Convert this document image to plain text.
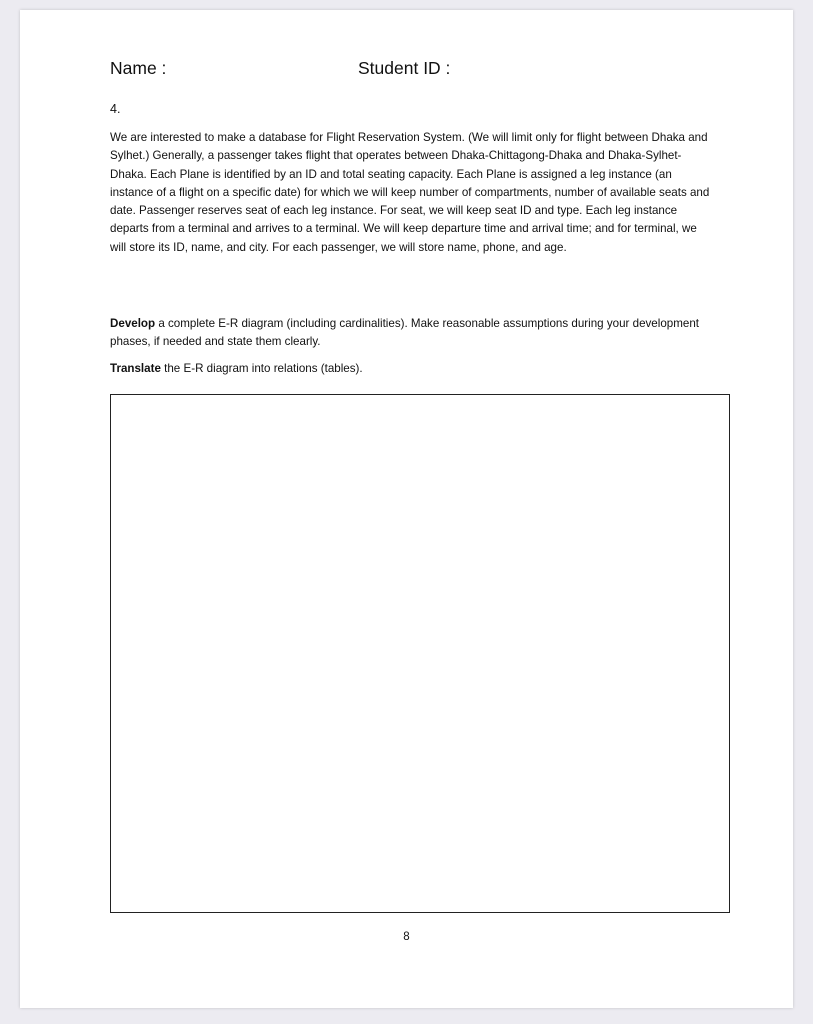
Name :	Student ID :
4.

We are interested to make a database for Flight Reservation System. (We will limit only for flight between Dhaka and Sylhet.) Generally, a passenger takes flight that operates between Dhaka-Chittagong-Dhaka and Dhaka-Sylhet-Dhaka. Each Plane is identified by an ID and total seating capacity. Each Plane is assigned a leg instance (an instance of a flight on a specific date) for which we will keep number of compartments, number of available seats and date. Passenger reserves seat of each leg instance. For seat, we will keep seat ID and type. Each leg instance departs from a terminal and arrives to a terminal. We will keep departure time and arrival time; and for terminal, we will store its ID, name, and city. For each passenger, we will store name, phone, and age.

Develop a complete E-R diagram (including cardinalities). Make reasonable assumptions during your development phases, if needed and state them clearly.

Translate the E-R diagram into relations (tables).

8
